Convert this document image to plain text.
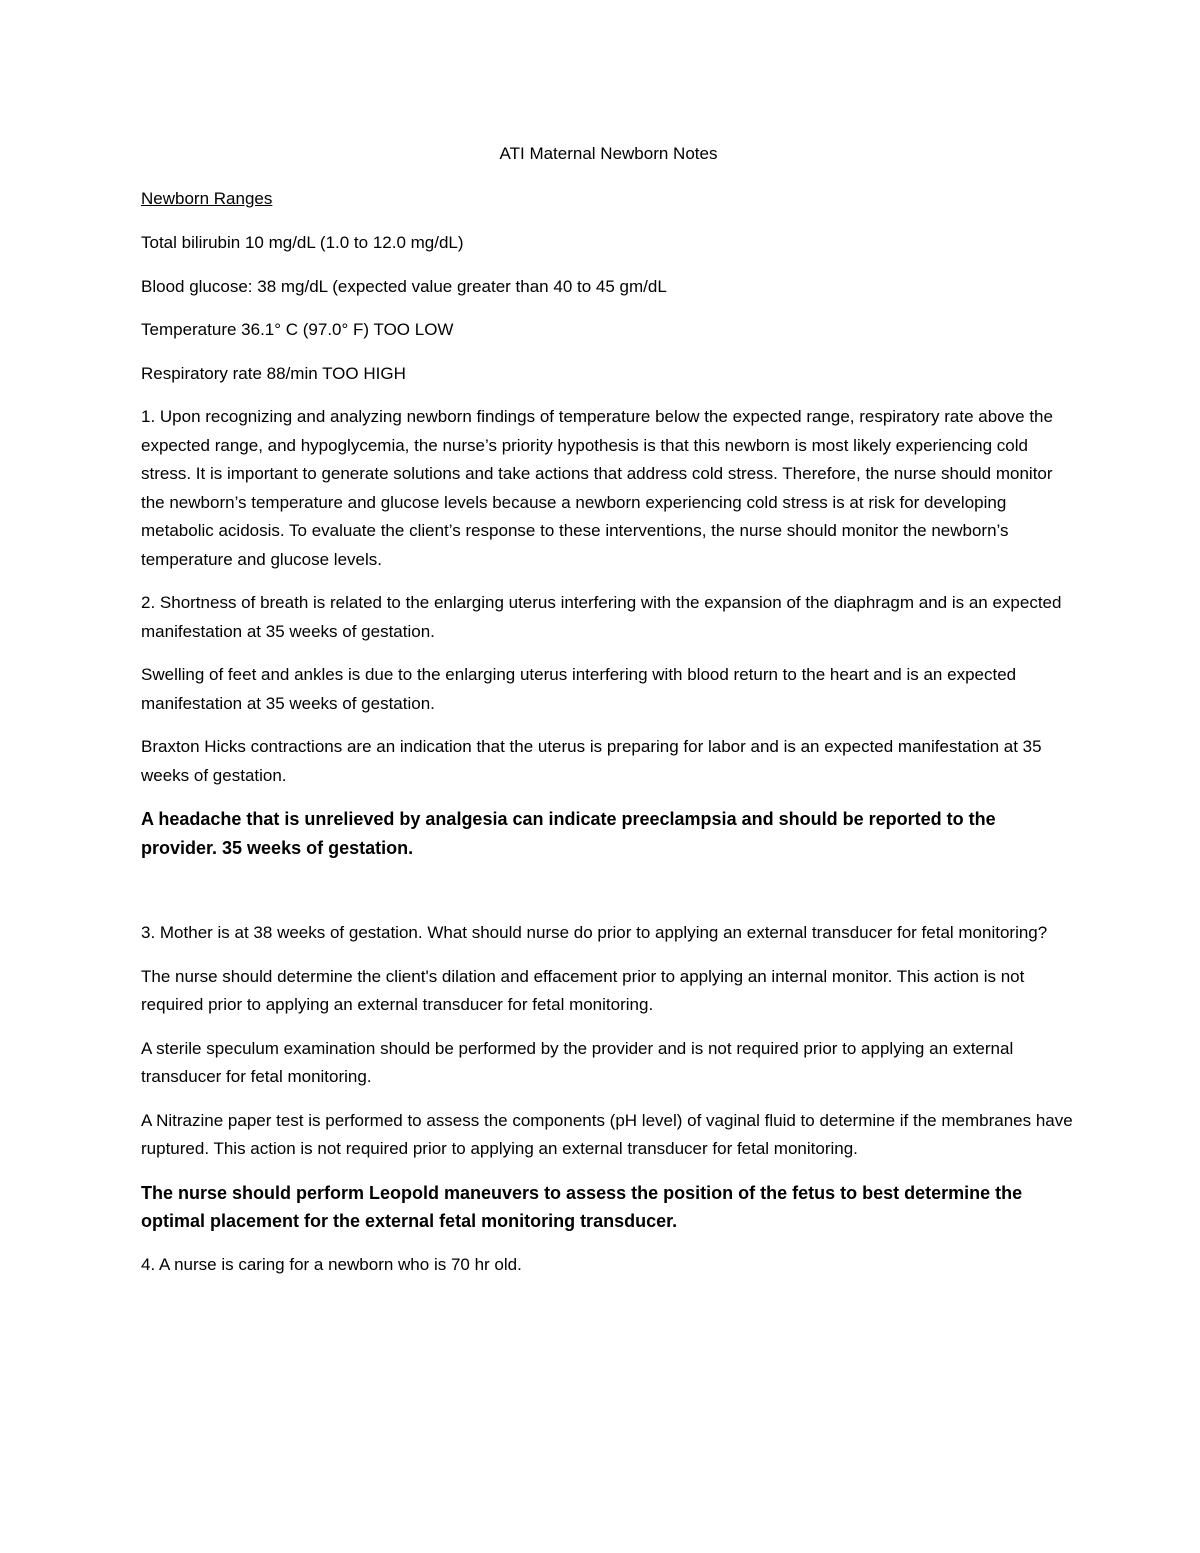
ATI Maternal Newborn Notes

Newborn Ranges

Total bilirubin 10 mg/dL (1.0 to 12.0 mg/dL)

Blood glucose: 38 mg/dL (expected value greater than 40 to 45 gm/dL

Temperature 36.1° C (97.0° F) TOO LOW

Respiratory rate 88/min TOO HIGH

1. Upon recognizing and analyzing newborn findings of temperature below the expected range, respiratory rate above the expected range, and hypoglycemia, the nurse’s priority hypothesis is that this newborn is most likely experiencing cold stress. It is important to generate solutions and take actions that address cold stress. Therefore, the nurse should monitor the newborn’s temperature and glucose levels because a newborn experiencing cold stress is at risk for developing metabolic acidosis. To evaluate the client’s response to these interventions, the nurse should monitor the newborn’s temperature and glucose levels.

2. Shortness of breath is related to the enlarging uterus interfering with the expansion of the diaphragm and is an expected manifestation at 35 weeks of gestation.

Swelling of feet and ankles is due to the enlarging uterus interfering with blood return to the heart and is an expected manifestation at 35 weeks of gestation.

Braxton Hicks contractions are an indication that the uterus is preparing for labor and is an expected manifestation at 35 weeks of gestation.

A headache that is unrelieved by analgesia can indicate preeclampsia and should be reported to the provider. 35 weeks of gestation.

3. Mother is at 38 weeks of gestation. What should nurse do prior to applying an external transducer for fetal monitoring?

The nurse should determine the client's dilation and effacement prior to applying an internal monitor. This action is not required prior to applying an external transducer for fetal monitoring.

A sterile speculum examination should be performed by the provider and is not required prior to applying an external transducer for fetal monitoring.

A Nitrazine paper test is performed to assess the components (pH level) of vaginal fluid to determine if the membranes have ruptured. This action is not required prior to applying an external transducer for fetal monitoring.

The nurse should perform Leopold maneuvers to assess the position of the fetus to best determine the optimal placement for the external fetal monitoring transducer.

4. A nurse is caring for a newborn who is 70 hr old.
